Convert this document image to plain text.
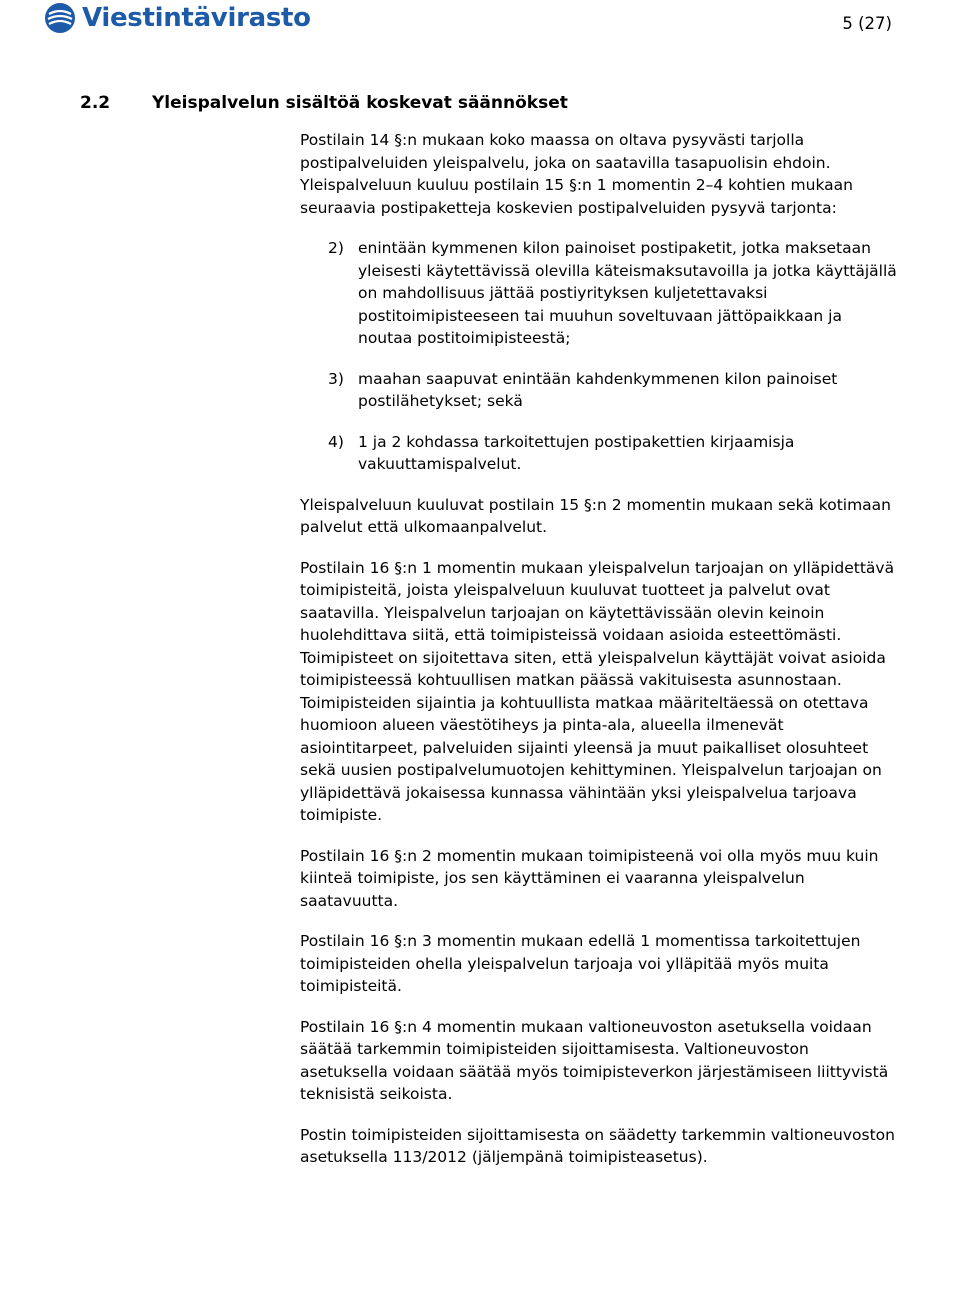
Viestintävirasto	5 (27)
2.2 Yleispalvelun sisältöä koskevat säännökset

Postilain 14 §:n mukaan koko maassa on oltava pysyvästi tarjolla postipalveluiden yleispalvelu, joka on saatavilla tasapuolisin ehdoin. Yleispalveluun kuuluu postilain 15 §:n 1 momentin 2–4 kohtien mukaan seuraavia postipaketteja koskevien postipalveluiden pysyvä tarjonta:

2) enintään kymmenen kilon painoiset postipaketit, jotka maksetaan yleisesti käytettävissä olevilla käteismaksutavoilla ja jotka käyttäjällä on mahdollisuus jättää postiyrityksen kuljetettavaksi postitoimipisteeseen tai muuhun soveltuvaan jättöpaikkaan ja noutaa postitoimipisteestä;
3) maahan saapuvat enintään kahdenkymmenen kilon painoiset postilähetykset; sekä
4) 1 ja 2 kohdassa tarkoitettujen postipakettien kirjaamisja vakuuttamispalvelut.

Yleispalveluun kuuluvat postilain 15 §:n 2 momentin mukaan sekä kotimaan palvelut että ulkomaanpalvelut.

Postilain 16 §:n 1 momentin mukaan yleispalvelun tarjoajan on ylläpidettävä toimipisteitä, joista yleispalveluun kuuluvat tuotteet ja palvelut ovat saatavilla. Yleispalvelun tarjoajan on käytettävissään olevin keinoin huolehdittava siitä, että toimipisteissä voidaan asioida esteettömästi. Toimipisteet on sijoitettava siten, että yleispalvelun käyttäjät voivat asioida toimipisteessä kohtuullisen matkan päässä vakituisesta asunnostaan. Toimipisteiden sijaintia ja kohtuullista matkaa määriteltäessä on otettava huomioon alueen väestötiheys ja pinta-ala, alueella ilmenevät asiointitarpeet, palveluiden sijainti yleensä ja muut paikalliset olosuhteet sekä uusien postipalvelumuotojen kehittyminen. Yleispalvelun tarjoajan on ylläpidettävä jokaisessa kunnassa vähintään yksi yleispalvelua tarjoava toimipiste.

Postilain 16 §:n 2 momentin mukaan toimipisteenä voi olla myös muu kuin kiinteä toimipiste, jos sen käyttäminen ei vaaranna yleispalvelun saatavuutta.

Postilain 16 §:n 3 momentin mukaan edellä 1 momentissa tarkoitettujen toimipisteiden ohella yleispalvelun tarjoaja voi ylläpitää myös muita toimipisteitä.

Postilain 16 §:n 4 momentin mukaan valtioneuvoston asetuksella voidaan säätää tarkemmin toimipisteiden sijoittamisesta. Valtioneuvoston asetuksella voidaan säätää myös toimipisteverkon järjestämiseen liittyvistä teknisistä seikoista.

Postin toimipisteiden sijoittamisesta on säädetty tarkemmin valtioneuvoston asetuksella 113/2012 (jäljempänä toimipisteasetus).
